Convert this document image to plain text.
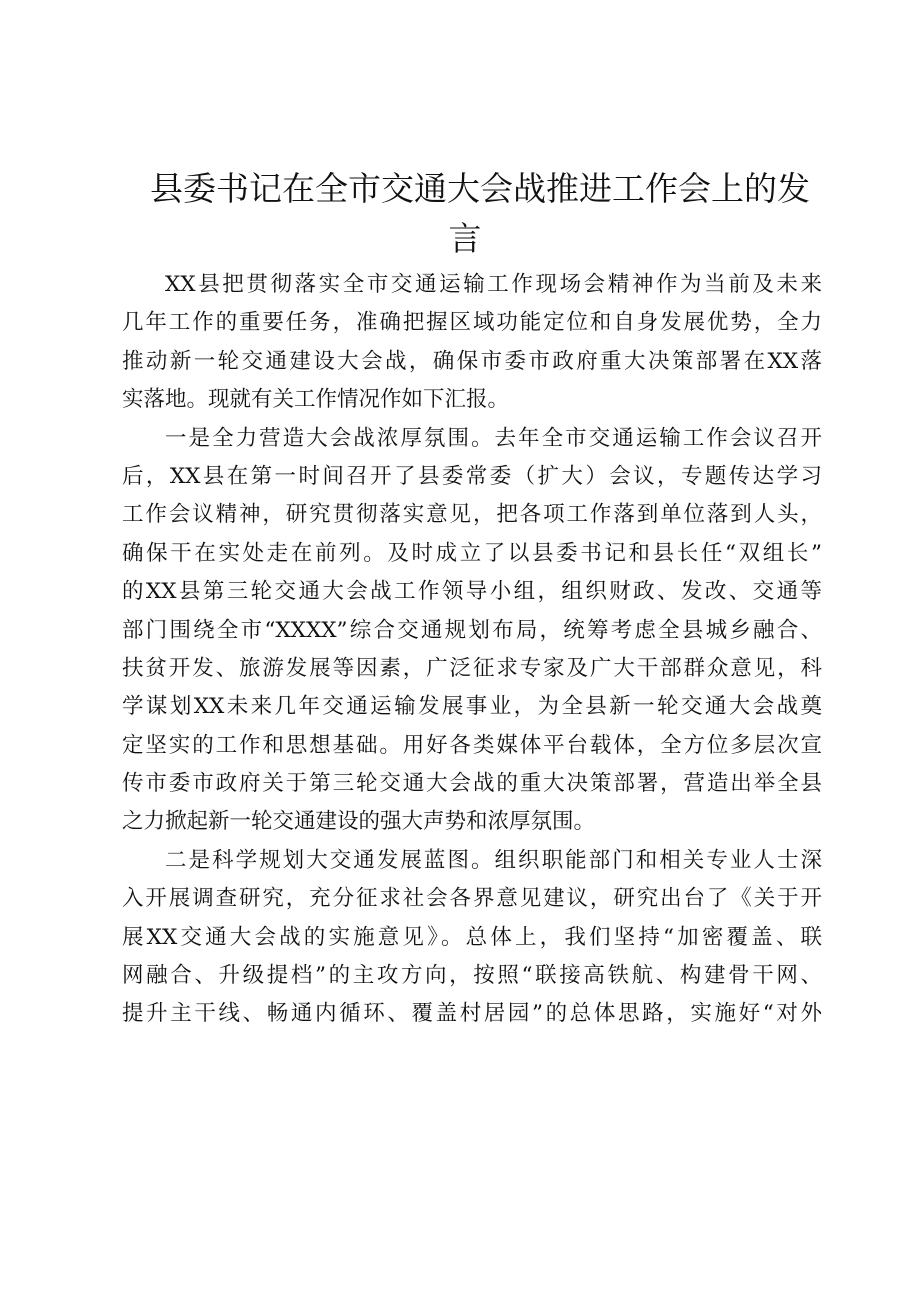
县委书记在全市交通大会战推进工作会上的发
言
XX县把贯彻落实全市交通运输工作现场会精神作为当前及未来
几年工作的重要任务，准确把握区域功能定位和自身发展优势，全力
推动新一轮交通建设大会战，确保市委市政府重大决策部署在XX落
实落地。现就有关工作情况作如下汇报。
一是全力营造大会战浓厚氛围。去年全市交通运输工作会议召开
后，XX县在第一时间召开了县委常委（扩大）会议，专题传达学习
工作会议精神，研究贯彻落实意见，把各项工作落到单位落到人头，
确保干在实处走在前列。及时成立了以县委书记和县长任“双组长”
的XX县第三轮交通大会战工作领导小组，组织财政、发改、交通等
部门围绕全市“XXXX”综合交通规划布局，统筹考虑全县城乡融合、
扶贫开发、旅游发展等因素，广泛征求专家及广大干部群众意见，科
学谋划XX未来几年交通运输发展事业，为全县新一轮交通大会战奠
定坚实的工作和思想基础。用好各类媒体平台载体，全方位多层次宣
传市委市政府关于第三轮交通大会战的重大决策部署，营造出举全县
之力掀起新一轮交通建设的强大声势和浓厚氛围。
二是科学规划大交通发展蓝图。组织职能部门和相关专业人士深
入开展调查研究，充分征求社会各界意见建议，研究出台了《关于开
展XX交通大会战的实施意见》。总体上，我们坚持“加密覆盖、联
网融合、升级提档”的主攻方向，按照“联接高铁航、构建骨干网、
提升主干线、畅通内循环、覆盖村居园”的总体思路，实施好“对外
